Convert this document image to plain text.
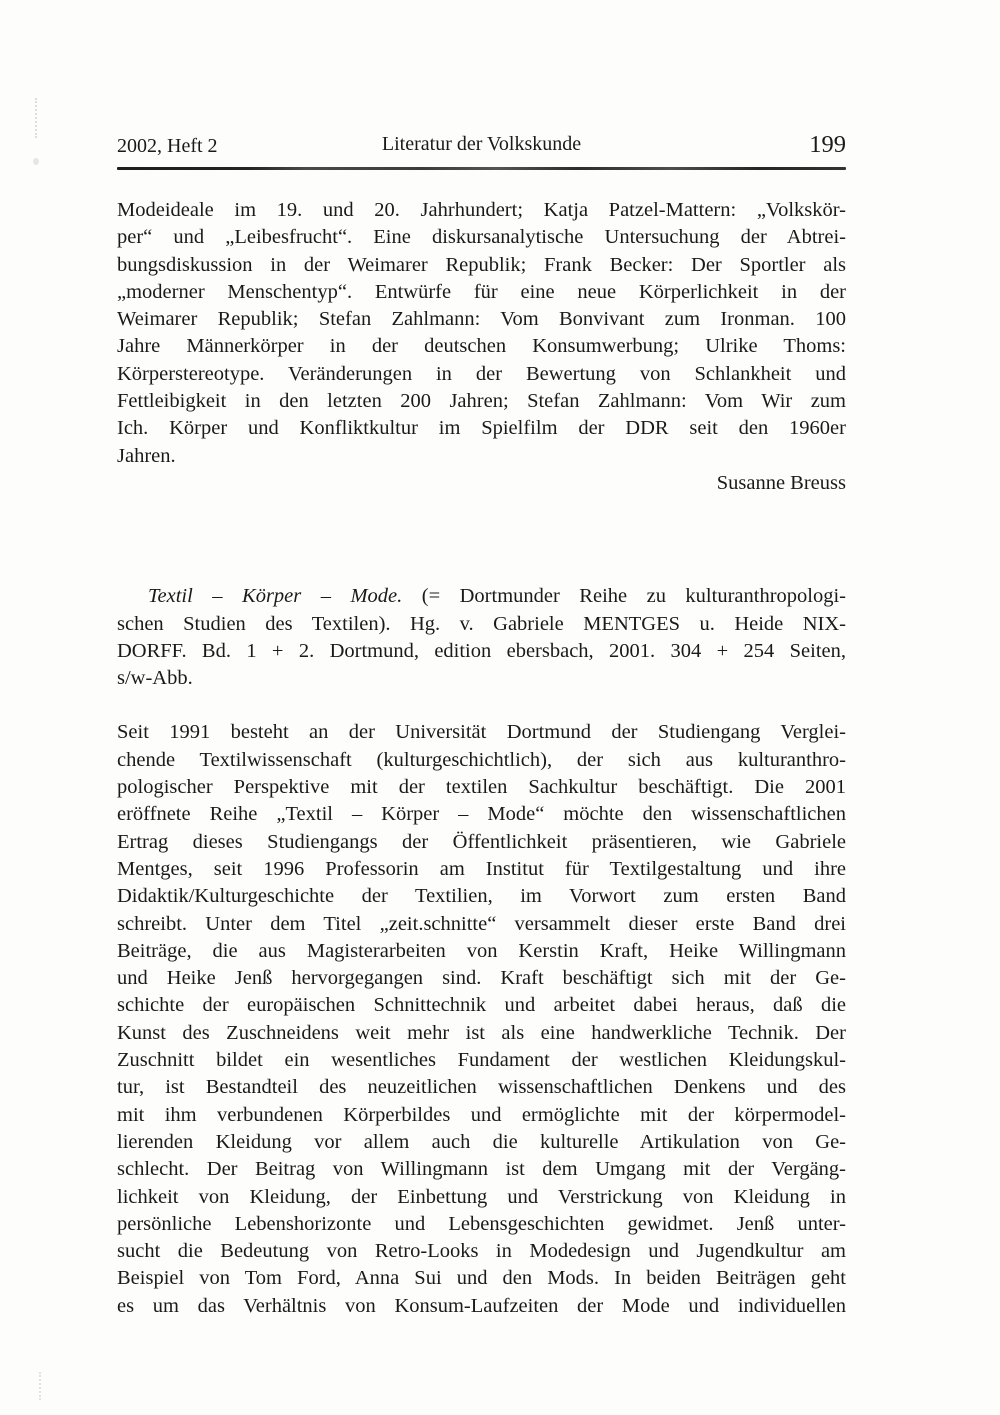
2002, Heft 2	Literatur der Volkskunde	199
Modeideale im 19. und 20. Jahrhundert; Katja Patzel-Mattern: „Volkskör-
per“ und „Leibesfrucht“. Eine diskursanalytische Untersuchung der Abtrei-
bungsdiskussion in der Weimarer Republik; Frank Becker: Der Sportler als
„moderner Menschentyp“. Entwürfe für eine neue Körperlichkeit in der
Weimarer Republik; Stefan Zahlmann: Vom Bonvivant zum Ironman. 100
Jahre Männerkörper in der deutschen Konsumwerbung; Ulrike Thoms:
Körperstereotype. Veränderungen in der Bewertung von Schlankheit und
Fettleibigkeit in den letzten 200 Jahren; Stefan Zahlmann: Vom Wir zum
Ich. Körper und Konfliktkultur im Spielfilm der DDR seit den 1960er
Jahren.
Susanne Breuss
Textil – Körper – Mode. (= Dortmunder Reihe zu kulturanthropologi-
schen Studien des Textilen). Hg. v. Gabriele MENTGES u. Heide NIX-
DORFF. Bd. 1 + 2. Dortmund, edition ebersbach, 2001. 304 + 254 Seiten,
s/w-Abb.
Seit 1991 besteht an der Universität Dortmund der Studiengang Verglei-
chende Textilwissenschaft (kulturgeschichtlich), der sich aus kulturanthro-
pologischer Perspektive mit der textilen Sachkultur beschäftigt. Die 2001
eröffnete Reihe „Textil – Körper – Mode“ möchte den wissenschaftlichen
Ertrag dieses Studiengangs der Öffentlichkeit präsentieren, wie Gabriele
Mentges, seit 1996 Professorin am Institut für Textilgestaltung und ihre
Didaktik/Kulturgeschichte der Textilien, im Vorwort zum ersten Band
schreibt. Unter dem Titel „zeit.schnitte“ versammelt dieser erste Band drei
Beiträge, die aus Magisterarbeiten von Kerstin Kraft, Heike Willingmann
und Heike Jenß hervorgegangen sind. Kraft beschäftigt sich mit der Ge-
schichte der europäischen Schnittechnik und arbeitet dabei heraus, daß die
Kunst des Zuschneidens weit mehr ist als eine handwerkliche Technik. Der
Zuschnitt bildet ein wesentliches Fundament der westlichen Kleidungskul-
tur, ist Bestandteil des neuzeitlichen wissenschaftlichen Denkens und des
mit ihm verbundenen Körperbildes und ermöglichte mit der körpermodel-
lierenden Kleidung vor allem auch die kulturelle Artikulation von Ge-
schlecht. Der Beitrag von Willingmann ist dem Umgang mit der Vergäng-
lichkeit von Kleidung, der Einbettung und Verstrickung von Kleidung in
persönliche Lebenshorizonte und Lebensgeschichten gewidmet. Jenß unter-
sucht die Bedeutung von Retro-Looks in Modedesign und Jugendkultur am
Beispiel von Tom Ford, Anna Sui und den Mods. In beiden Beiträgen geht
es um das Verhältnis von Konsum-Laufzeiten der Mode und individuellen
